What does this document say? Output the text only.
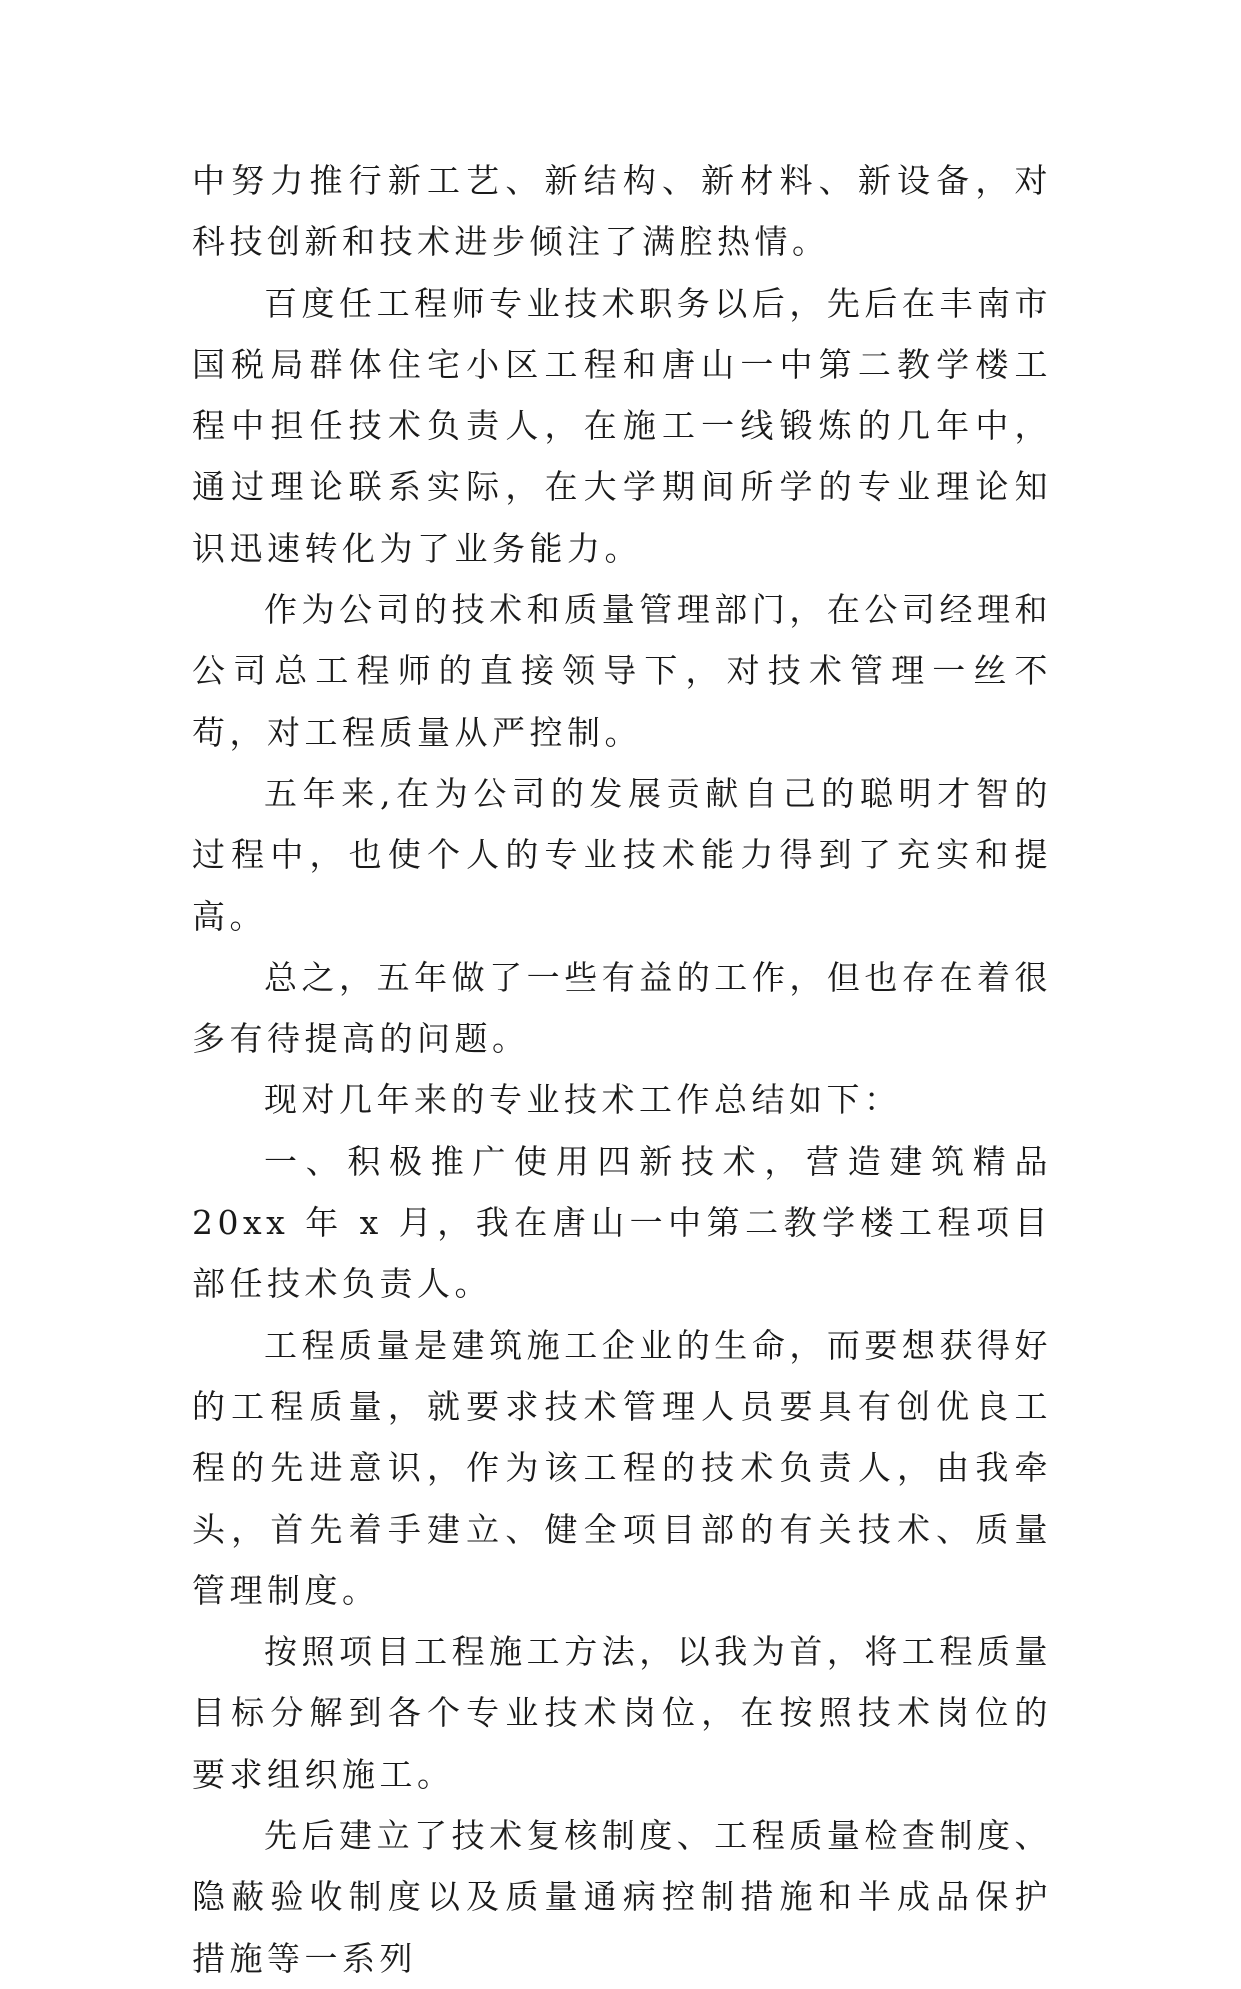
中努力推行新工艺、新结构、新材料、新设备，对科技创新和技术进步倾注了满腔热情。

百度任工程师专业技术职务以后，先后在丰南市国税局群体住宅小区工程和唐山一中第二教学楼工程中担任技术负责人，在施工一线锻炼的几年中，通过理论联系实际，在大学期间所学的专业理论知识迅速转化为了业务能力。

作为公司的技术和质量管理部门，在公司经理和公司总工程师的直接领导下，对技术管理一丝不苟，对工程质量从严控制。

五年来,在为公司的发展贡献自己的聪明才智的过程中，也使个人的专业技术能力得到了充实和提高。

总之，五年做了一些有益的工作，但也存在着很多有待提高的问题。

现对几年来的专业技术工作总结如下：

一、积极推广使用四新技术，营造建筑精品 20xx 年 x 月，我在唐山一中第二教学楼工程项目部任技术负责人。

工程质量是建筑施工企业的生命，而要想获得好的工程质量，就要求技术管理人员要具有创优良工程的先进意识，作为该工程的技术负责人，由我牵头，首先着手建立、健全项目部的有关技术、质量管理制度。

按照项目工程施工方法，以我为首，将工程质量目标分解到各个专业技术岗位，在按照技术岗位的要求组织施工。

先后建立了技术复核制度、工程质量检查制度、隐蔽验收制度以及质量通病控制措施和半成品保护措施等一系列
